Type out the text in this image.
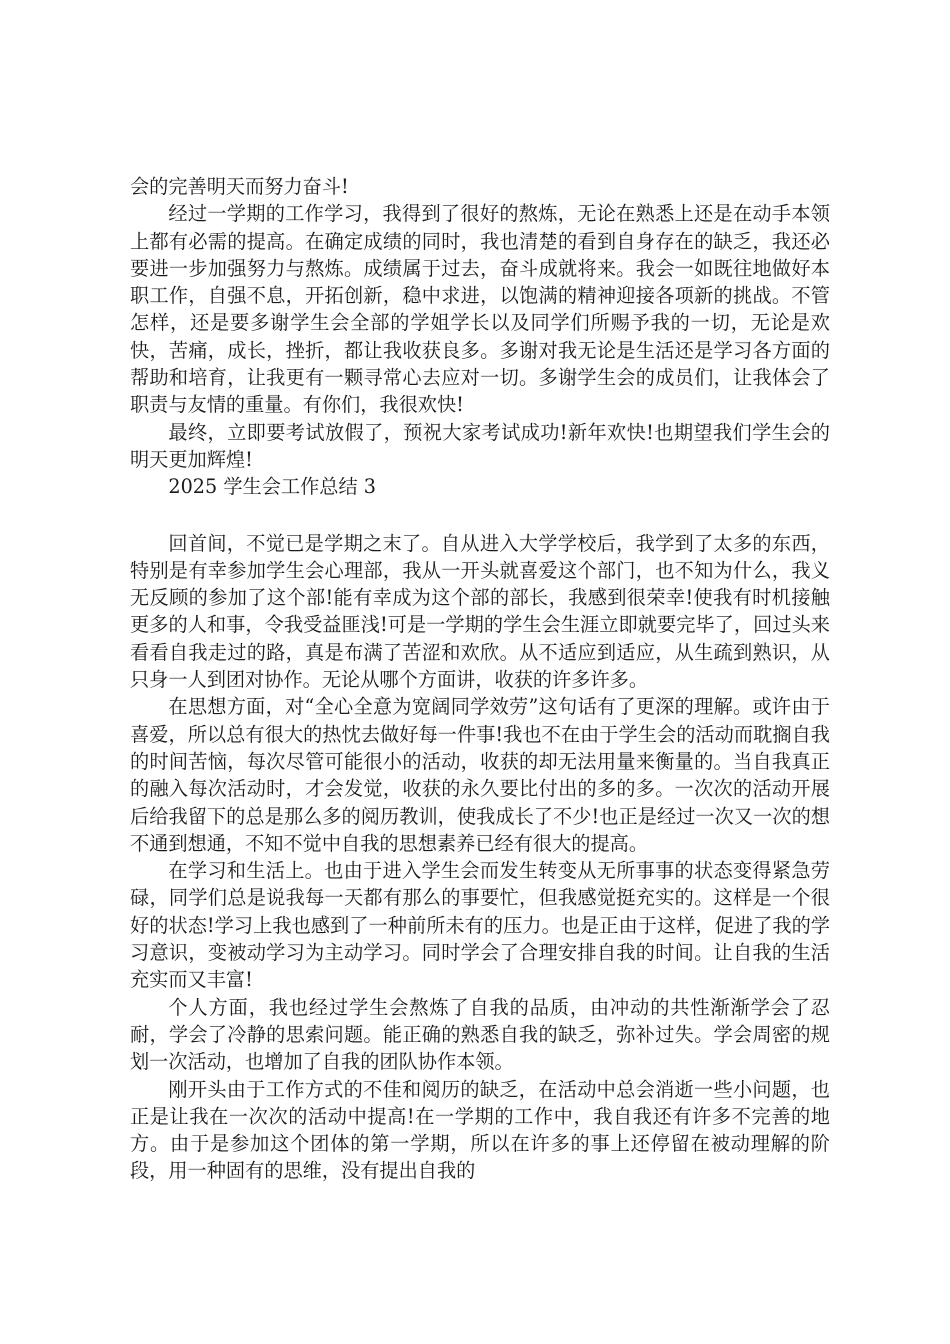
会的完善明天而努力奋斗!

经过一学期的工作学习，我得到了很好的熬炼，无论在熟悉上还是在动手本领上都有必需的提高。在确定成绩的同时，我也清楚的看到自身存在的缺乏，我还必要进一步加强努力与熬炼。成绩属于过去，奋斗成就将来。我会一如既往地做好本职工作，自强不息，开拓创新，稳中求进，以饱满的精神迎接各项新的挑战。不管怎样，还是要多谢学生会全部的学姐学长以及同学们所赐予我的一切，无论是欢快，苦痛，成长，挫折，都让我收获良多。多谢对我无论是生活还是学习各方面的帮助和培育，让我更有一颗寻常心去应对一切。多谢学生会的成员们，让我体会了职责与友情的重量。有你们，我很欢快!

最终，立即要考试放假了，预祝大家考试成功!新年欢快!也期望我们学生会的明天更加辉煌!

2025 学生会工作总结 3

回首间，不觉已是学期之末了。自从进入大学学校后，我学到了太多的东西，特别是有幸参加学生会心理部，我从一开头就喜爱这个部门，也不知为什么，我义无反顾的参加了这个部!能有幸成为这个部的部长，我感到很荣幸!使我有时机接触更多的人和事，令我受益匪浅!可是一学期的学生会生涯立即就要完毕了，回过头来看看自我走过的路，真是布满了苦涩和欢欣。从不适应到适应，从生疏到熟识，从只身一人到团对协作。无论从哪个方面讲，收获的许多许多。

在思想方面，对“全心全意为宽阔同学效劳”这句话有了更深的理解。或许由于喜爱，所以总有很大的热忱去做好每一件事!我也不在由于学生会的活动而耽搁自我的时间苦恼，每次尽管可能很小的活动，收获的却无法用量来衡量的。当自我真正的融入每次活动时，才会发觉，收获的永久要比付出的多的多。一次次的活动开展后给我留下的总是那么多的阅历教训，使我成长了不少!也正是经过一次又一次的想不通到想通，不知不觉中自我的思想素养已经有很大的提高。

在学习和生活上。也由于进入学生会而发生转变从无所事事的状态变得紧急劳碌，同学们总是说我每一天都有那么的事要忙，但我感觉挺充实的。这样是一个很好的状态!学习上我也感到了一种前所未有的压力。也是正由于这样，促进了我的学习意识，变被动学习为主动学习。同时学会了合理安排自我的时间。让自我的生活充实而又丰富!

个人方面，我也经过学生会熬炼了自我的品质，由冲动的共性渐渐学会了忍耐，学会了冷静的思索问题。能正确的熟悉自我的缺乏，弥补过失。学会周密的规划一次活动，也增加了自我的团队协作本领。

刚开头由于工作方式的不佳和阅历的缺乏，在活动中总会消逝一些小问题，也正是让我在一次次的活动中提高!在一学期的工作中，我自我还有许多不完善的地方。由于是参加这个团体的第一学期，所以在许多的事上还停留在被动理解的阶段，用一种固有的思维，没有提出自我的
